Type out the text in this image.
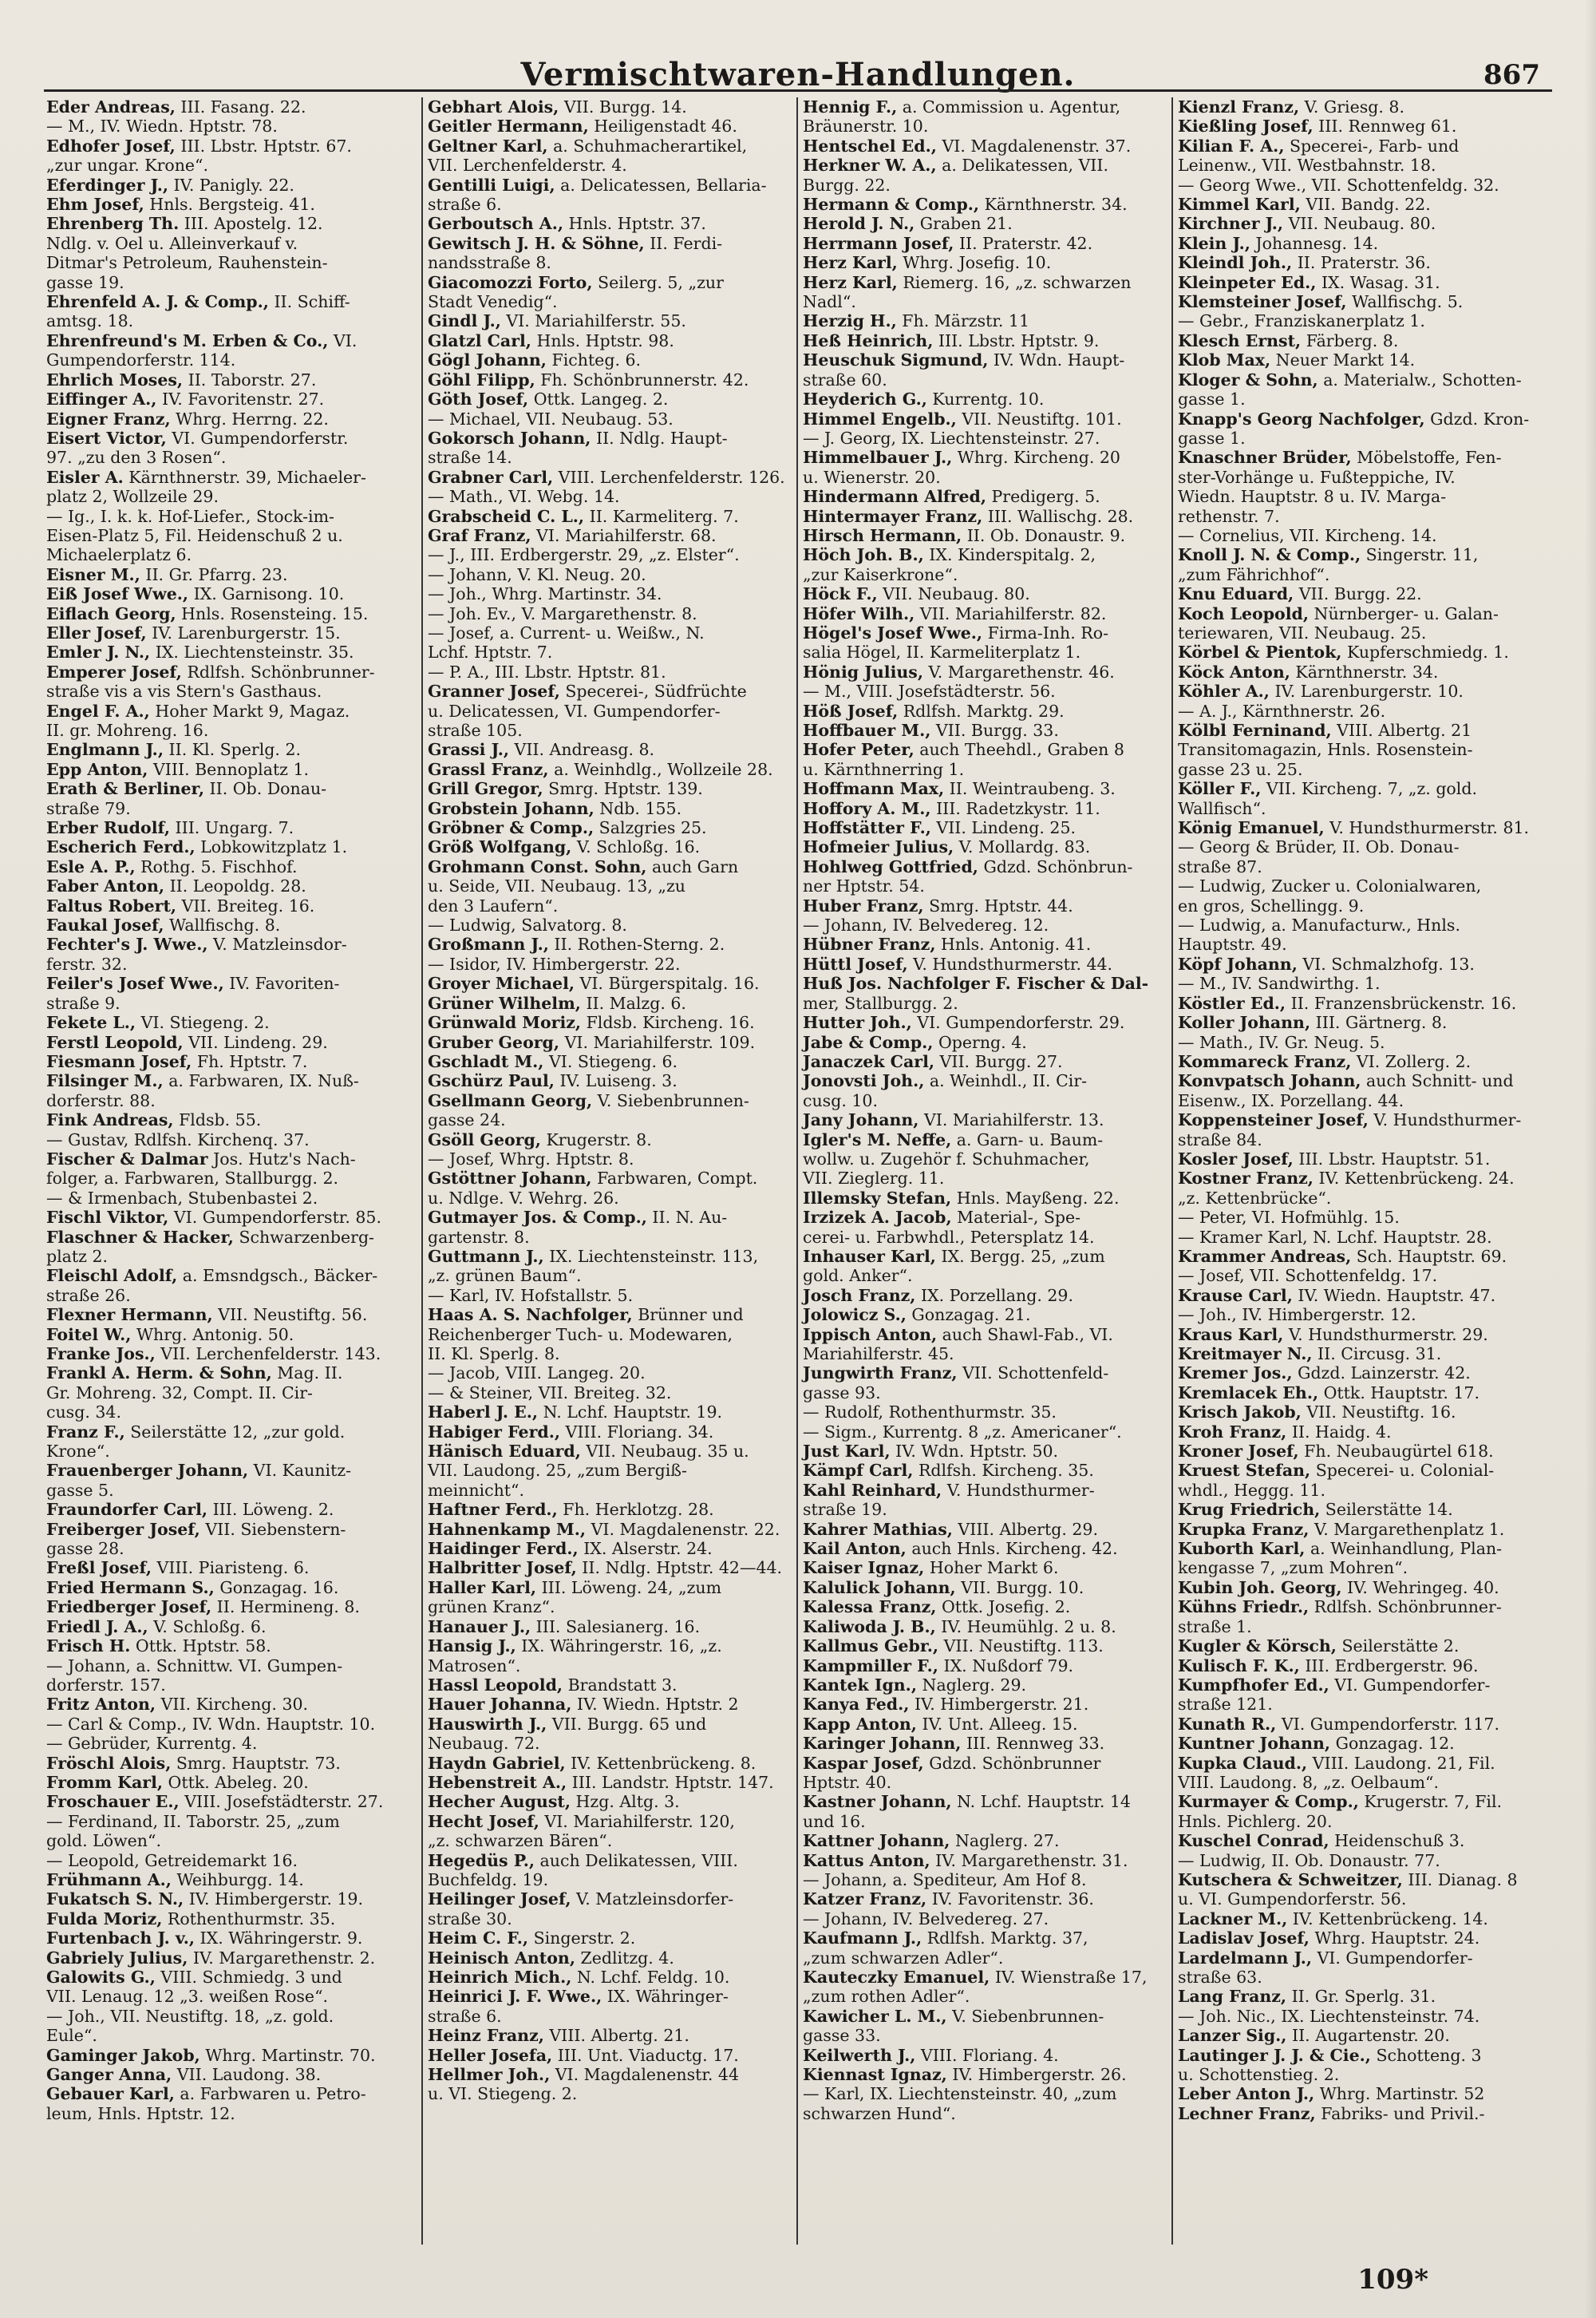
Vermischtwaren-Handlungen.	867
Eder Andreas, III. Fasang. 22.
— M., IV. Wiedn. Hptstr. 78.
Edhofer Josef, III. Lbstr. Hptstr. 67.
„zur ungar. Krone“.
Eferdinger J., IV. Panigly. 22.
Ehm Josef, Hnls. Bergsteig. 41.
Ehrenberg Th. III. Apostelg. 12.
Ndlg. v. Oel u. Alleinverkauf v.
Ditmar's Petroleum, Rauhenstein-
gasse 19.
Ehrenfeld A. J. & Comp., II. Schiff-
amtsg. 18.
Ehrenfreund's M. Erben & Co., VI.
Gumpendorferstr. 114.
Ehrlich Moses, II. Taborstr. 27.
Eiffinger A., IV. Favoritenstr. 27.
Eigner Franz, Whrg. Herrng. 22.
Eisert Victor, VI. Gumpendorferstr.
97. „zu den 3 Rosen“.
Eisler A. Kärnthnerstr. 39, Michaeler-
platz 2, Wollzeile 29.
— Ig., I. k. k. Hof-Liefer., Stock-im-
Eisen-Platz 5, Fil. Heidenschuß 2 u.
Michaelerplatz 6.
Eisner M., II. Gr. Pfarrg. 23.
Eiß Josef Wwe., IX. Garnisong. 10.
Eiflach Georg, Hnls. Rosensteing. 15.
Eller Josef, IV. Larenburgerstr. 15.
Emler J. N., IX. Liechtensteinstr. 35.
Emperer Josef, Rdlfsh. Schönbrunner-
straße vis a vis Stern's Gasthaus.
Engel F. A., Hoher Markt 9, Magaz.
II. gr. Mohreng. 16.
Englmann J., II. Kl. Sperlg. 2.
Epp Anton, VIII. Bennoplatz 1.
Erath & Berliner, II. Ob. Donau-
straße 79.
Erber Rudolf, III. Ungarg. 7.
Escherich Ferd., Lobkowitzplatz 1.
Esle A. P., Rothg. 5. Fischhof.
Faber Anton, II. Leopoldg. 28.
Faltus Robert, VII. Breiteg. 16.
Faukal Josef, Wallfischg. 8.
Fechter's J. Wwe., V. Matzleinsdor-
ferstr. 32.
Feiler's Josef Wwe., IV. Favoriten-
straße 9.
Fekete L., VI. Stiegeng. 2.
Ferstl Leopold, VII. Lindeng. 29.
Fiesmann Josef, Fh. Hptstr. 7.
Filsinger M., a. Farbwaren, IX. Nuß-
dorferstr. 88.
Fink Andreas, Fldsb. 55.
— Gustav, Rdlfsh. Kirchenq. 37.
Fischer & Dalmar Jos. Hutz's Nach-
folger, a. Farbwaren, Stallburgg. 2.
— & Irmenbach, Stubenbastei 2.
Fischl Viktor, VI. Gumpendorferstr. 85.
Flaschner & Hacker, Schwarzenberg-
platz 2.
Fleischl Adolf, a. Emsndgsch., Bäcker-
straße 26.
Flexner Hermann, VII. Neustiftg. 56.
Foitel W., Whrg. Antonig. 50.
Franke Jos., VII. Lerchenfelderstr. 143.
Frankl A. Herm. & Sohn, Mag. II.
Gr. Mohreng. 32, Compt. II. Cir-
cusg. 34.
Franz F., Seilerstätte 12, „zur gold.
Krone“.
Frauenberger Johann, VI. Kaunitz-
gasse 5.
Fraundorfer Carl, III. Löweng. 2.
Freiberger Josef, VII. Siebenstern-
gasse 28.
Freßl Josef, VIII. Piaristeng. 6.
Fried Hermann S., Gonzagag. 16.
Friedberger Josef, II. Hermineng. 8.
Friedl J. A., V. Schloßg. 6.
Frisch H. Ottk. Hptstr. 58.
— Johann, a. Schnittw. VI. Gumpen-
dorferstr. 157.
Fritz Anton, VII. Kircheng. 30.
— Carl & Comp., IV. Wdn. Hauptstr. 10.
— Gebrüder, Kurrentg. 4.
Fröschl Alois, Smrg. Hauptstr. 73.
Fromm Karl, Ottk. Abeleg. 20.
Froschauer E., VIII. Josefstädterstr. 27.
— Ferdinand, II. Taborstr. 25, „zum
gold. Löwen“.
— Leopold, Getreidemarkt 16.
Frühmann A., Weihburgg. 14.
Fukatsch S. N., IV. Himbergerstr. 19.
Fulda Moriz, Rothenthurmstr. 35.
Furtenbach J. v., IX. Währingerstr. 9.
Gabriely Julius, IV. Margarethenstr. 2.
Galowits G., VIII. Schmiedg. 3 und
VII. Lenaug. 12 „3. weißen Rose“.
— Joh., VII. Neustiftg. 18, „z. gold.
Eule“.
Gaminger Jakob, Whrg. Martinstr. 70.
Ganger Anna, VII. Laudong. 38.
Gebauer Karl, a. Farbwaren u. Petro-
leum, Hnls. Hptstr. 12.
Gebhart Alois, VII. Burgg. 14.
Geitler Hermann, Heiligenstadt 46.
Geltner Karl, a. Schuhmacherartikel,
VII. Lerchenfelderstr. 4.
Gentilli Luigi, a. Delicatessen, Bellaria-
straße 6.
Gerboutsch A., Hnls. Hptstr. 37.
Gewitsch J. H. & Söhne, II. Ferdi-
nandsstraße 8.
Giacomozzi Forto, Seilerg. 5, „zur
Stadt Venedig“.
Gindl J., VI. Mariahilferstr. 55.
Glatzl Carl, Hnls. Hptstr. 98.
Gögl Johann, Fichteg. 6.
Göhl Filipp, Fh. Schönbrunnerstr. 42.
Göth Josef, Ottk. Langeg. 2.
— Michael, VII. Neubaug. 53.
Gokorsch Johann, II. Ndlg. Haupt-
straße 14.
Grabner Carl, VIII. Lerchenfelderstr. 126.
— Math., VI. Webg. 14.
Grabscheid C. L., II. Karmeliterg. 7.
Graf Franz, VI. Mariahilferstr. 68.
— J., III. Erdbergerstr. 29, „z. Elster“.
— Johann, V. Kl. Neug. 20.
— Joh., Whrg. Martinstr. 34.
— Joh. Ev., V. Margarethenstr. 8.
— Josef, a. Current- u. Weißw., N.
Lchf. Hptstr. 7.
— P. A., III. Lbstr. Hptstr. 81.
Granner Josef, Specerei-, Südfrüchte
u. Delicatessen, VI. Gumpendorfer-
straße 105.
Grassi J., VII. Andreasg. 8.
Grassl Franz, a. Weinhdlg., Wollzeile 28.
Grill Gregor, Smrg. Hptstr. 139.
Grobstein Johann, Ndb. 155.
Gröbner & Comp., Salzgries 25.
Größ Wolfgang, V. Schloßg. 16.
Grohmann Const. Sohn, auch Garn
u. Seide, VII. Neubaug. 13, „zu
den 3 Laufern“.
— Ludwig, Salvatorg. 8.
Großmann J., II. Rothen-Sterng. 2.
— Isidor, IV. Himbergerstr. 22.
Groyer Michael, VI. Bürgerspitalg. 16.
Grüner Wilhelm, II. Malzg. 6.
Grünwald Moriz, Fldsb. Kircheng. 16.
Gruber Georg, VI. Mariahilferstr. 109.
Gschladt M., VI. Stiegeng. 6.
Gschürz Paul, IV. Luiseng. 3.
Gsellmann Georg, V. Siebenbrunnen-
gasse 24.
Gsöll Georg, Krugerstr. 8.
— Josef, Whrg. Hptstr. 8.
Gstöttner Johann, Farbwaren, Compt.
u. Ndlge. V. Wehrg. 26.
Gutmayer Jos. & Comp., II. N. Au-
gartenstr. 8.
Guttmann J., IX. Liechtensteinstr. 113,
„z. grünen Baum“.
— Karl, IV. Hofstallstr. 5.
Haas A. S. Nachfolger, Brünner und
Reichenberger Tuch- u. Modewaren,
II. Kl. Sperlg. 8.
— Jacob, VIII. Langeg. 20.
— & Steiner, VII. Breiteg. 32.
Haberl J. E., N. Lchf. Hauptstr. 19.
Habiger Ferd., VIII. Floriang. 34.
Hänisch Eduard, VII. Neubaug. 35 u.
VII. Laudong. 25, „zum Bergiß-
meinnicht“.
Haftner Ferd., Fh. Herklotzg. 28.
Hahnenkamp M., VI. Magdalenenstr. 22.
Haidinger Ferd., IX. Alserstr. 24.
Halbritter Josef, II. Ndlg. Hptstr. 42—44.
Haller Karl, III. Löweng. 24, „zum
grünen Kranz“.
Hanauer J., III. Salesianerg. 16.
Hansig J., IX. Währingerstr. 16, „z.
Matrosen“.
Hassl Leopold, Brandstatt 3.
Hauer Johanna, IV. Wiedn. Hptstr. 2
Hauswirth J., VII. Burgg. 65 und
Neubaug. 72.
Haydn Gabriel, IV. Kettenbrückeng. 8.
Hebenstreit A., III. Landstr. Hptstr. 147.
Hecher August, Hzg. Altg. 3.
Hecht Josef, VI. Mariahilferstr. 120,
„z. schwarzen Bären“.
Hegedüs P., auch Delikatessen, VIII.
Buchfeldg. 19.
Heilinger Josef, V. Matzleinsdorfer-
straße 30.
Heim C. F., Singerstr. 2.
Heinisch Anton, Zedlitzg. 4.
Heinrich Mich., N. Lchf. Feldg. 10.
Heinrici J. F. Wwe., IX. Währinger-
straße 6.
Heinz Franz, VIII. Albertg. 21.
Heller Josefa, III. Unt. Viaductg. 17.
Hellmer Joh., VI. Magdalenenstr. 44
u. VI. Stiegeng. 2.
Hennig F., a. Commission u. Agentur,
Bräunerstr. 10.
Hentschel Ed., VI. Magdalenenstr. 37.
Herkner W. A., a. Delikatessen, VII.
Burgg. 22.
Hermann & Comp., Kärnthnerstr. 34.
Herold J. N., Graben 21.
Herrmann Josef, II. Praterstr. 42.
Herz Karl, Whrg. Josefig. 10.
Herz Karl, Riemerg. 16, „z. schwarzen
Nadl“.
Herzig H., Fh. Märzstr. 11
Heß Heinrich, III. Lbstr. Hptstr. 9.
Heuschuk Sigmund, IV. Wdn. Haupt-
straße 60.
Heyderich G., Kurrentg. 10.
Himmel Engelb., VII. Neustiftg. 101.
— J. Georg, IX. Liechtensteinstr. 27.
Himmelbauer J., Whrg. Kircheng. 20
u. Wienerstr. 20.
Hindermann Alfred, Predigerg. 5.
Hintermayer Franz, III. Wallischg. 28.
Hirsch Hermann, II. Ob. Donaustr. 9.
Höch Joh. B., IX. Kinderspitalg. 2,
„zur Kaiserkrone“.
Höck F., VII. Neubaug. 80.
Höfer Wilh., VII. Mariahilferstr. 82.
Högel's Josef Wwe., Firma-Inh. Ro-
salia Högel, II. Karmeliterplatz 1.
Hönig Julius, V. Margarethenstr. 46.
— M., VIII. Josefstädterstr. 56.
Höß Josef, Rdlfsh. Marktg. 29.
Hoffbauer M., VII. Burgg. 33.
Hofer Peter, auch Theehdl., Graben 8
u. Kärnthnerring 1.
Hoffmann Max, II. Weintraubeng. 3.
Hoffory A. M., III. Radetzkystr. 11.
Hoffstätter F., VII. Lindeng. 25.
Hofmeier Julius, V. Mollardg. 83.
Hohlweg Gottfried, Gdzd. Schönbrun-
ner Hptstr. 54.
Huber Franz, Smrg. Hptstr. 44.
— Johann, IV. Belvedereg. 12.
Hübner Franz, Hnls. Antonig. 41.
Hüttl Josef, V. Hundsthurmerstr. 44.
Huß Jos. Nachfolger F. Fischer & Dal-
mer, Stallburgg. 2.
Hutter Joh., VI. Gumpendorferstr. 29.
Jabe & Comp., Operng. 4.
Janaczek Carl, VII. Burgg. 27.
Jonovsti Joh., a. Weinhdl., II. Cir-
cusg. 10.
Jany Johann, VI. Mariahilferstr. 13.
Igler's M. Neffe, a. Garn- u. Baum-
wollw. u. Zugehör f. Schuhmacher,
VII. Zieglerg. 11.
Illemsky Stefan, Hnls. Mayßeng. 22.
Irzizek A. Jacob, Material-, Spe-
cerei- u. Farbwhdl., Petersplatz 14.
Inhauser Karl, IX. Bergg. 25, „zum
gold. Anker“.
Josch Franz, IX. Porzellang. 29.
Jolowicz S., Gonzagag. 21.
Ippisch Anton, auch Shawl-Fab., VI.
Mariahilferstr. 45.
Jungwirth Franz, VII. Schottenfeld-
gasse 93.
— Rudolf, Rothenthurmstr. 35.
— Sigm., Kurrentg. 8 „z. Americaner“.
Just Karl, IV. Wdn. Hptstr. 50.
Kämpf Carl, Rdlfsh. Kircheng. 35.
Kahl Reinhard, V. Hundsthurmer-
straße 19.
Kahrer Mathias, VIII. Albertg. 29.
Kail Anton, auch Hnls. Kircheng. 42.
Kaiser Ignaz, Hoher Markt 6.
Kalulick Johann, VII. Burgg. 10.
Kalessa Franz, Ottk. Josefig. 2.
Kaliwoda J. B., IV. Heumühlg. 2 u. 8.
Kallmus Gebr., VII. Neustiftg. 113.
Kampmiller F., IX. Nußdorf 79.
Kantek Ign., Naglerg. 29.
Kanya Fed., IV. Himbergerstr. 21.
Kapp Anton, IV. Unt. Alleeg. 15.
Karinger Johann, III. Rennweg 33.
Kaspar Josef, Gdzd. Schönbrunner
Hptstr. 40.
Kastner Johann, N. Lchf. Hauptstr. 14
und 16.
Kattner Johann, Naglerg. 27.
Kattus Anton, IV. Margarethenstr. 31.
— Johann, a. Spediteur, Am Hof 8.
Katzer Franz, IV. Favoritenstr. 36.
— Johann, IV. Belvedereg. 27.
Kaufmann J., Rdlfsh. Marktg. 37,
„zum schwarzen Adler“.
Kauteczky Emanuel, IV. Wienstraße 17,
„zum rothen Adler“.
Kawicher L. M., V. Siebenbrunnen-
gasse 33.
Keilwerth J., VIII. Floriang. 4.
Kiennast Ignaz, IV. Himbergerstr. 26.
— Karl, IX. Liechtensteinstr. 40, „zum
schwarzen Hund“.
Kienzl Franz, V. Griesg. 8.
Kießling Josef, III. Rennweg 61.
Kilian F. A., Specerei-, Farb- und
Leinenw., VII. Westbahnstr. 18.
— Georg Wwe., VII. Schottenfeldg. 32.
Kimmel Karl, VII. Bandg. 22.
Kirchner J., VII. Neubaug. 80.
Klein J., Johannesg. 14.
Kleindl Joh., II. Praterstr. 36.
Kleinpeter Ed., IX. Wasag. 31.
Klemsteiner Josef, Wallfischg. 5.
— Gebr., Franziskanerplatz 1.
Klesch Ernst, Färberg. 8.
Klob Max, Neuer Markt 14.
Kloger & Sohn, a. Materialw., Schotten-
gasse 1.
Knapp's Georg Nachfolger, Gdzd. Kron-
gasse 1.
Knaschner Brüder, Möbelstoffe, Fen-
ster-Vorhänge u. Fußteppiche, IV.
Wiedn. Hauptstr. 8 u. IV. Marga-
rethenstr. 7.
— Cornelius, VII. Kircheng. 14.
Knoll J. N. & Comp., Singerstr. 11,
„zum Fährichhof“.
Knu Eduard, VII. Burgg. 22.
Koch Leopold, Nürnberger- u. Galan-
teriewaren, VII. Neubaug. 25.
Körbel & Pientok, Kupferschmiedg. 1.
Köck Anton, Kärnthnerstr. 34.
Köhler A., IV. Larenburgerstr. 10.
— A. J., Kärnthnerstr. 26.
Kölbl Ferninand, VIII. Albertg. 21
Transitomagazin, Hnls. Rosenstein-
gasse 23 u. 25.
Köller F., VII. Kircheng. 7, „z. gold.
Wallfisch“.
König Emanuel, V. Hundsthurmerstr. 81.
— Georg & Brüder, II. Ob. Donau-
straße 87.
— Ludwig, Zucker u. Colonialwaren,
en gros, Schellingg. 9.
— Ludwig, a. Manufacturw., Hnls.
Hauptstr. 49.
Köpf Johann, VI. Schmalzhofg. 13.
— M., IV. Sandwirthg. 1.
Köstler Ed., II. Franzensbrückenstr. 16.
Koller Johann, III. Gärtnerg. 8.
— Math., IV. Gr. Neug. 5.
Kommareck Franz, VI. Zollerg. 2.
Konvpatsch Johann, auch Schnitt- und
Eisenw., IX. Porzellang. 44.
Koppensteiner Josef, V. Hundsthurmer-
straße 84.
Kosler Josef, III. Lbstr. Hauptstr. 51.
Kostner Franz, IV. Kettenbrückeng. 24.
„z. Kettenbrücke“.
— Peter, VI. Hofmühlg. 15.
— Kramer Karl, N. Lchf. Hauptstr. 28.
Krammer Andreas, Sch. Hauptstr. 69.
— Josef, VII. Schottenfeldg. 17.
Krause Carl, IV. Wiedn. Hauptstr. 47.
— Joh., IV. Himbergerstr. 12.
Kraus Karl, V. Hundsthurmerstr. 29.
Kreitmayer N., II. Circusg. 31.
Kremer Jos., Gdzd. Lainzerstr. 42.
Kremlacek Eh., Ottk. Hauptstr. 17.
Krisch Jakob, VII. Neustiftg. 16.
Kroh Franz, II. Haidg. 4.
Kroner Josef, Fh. Neubaugürtel 618.
Kruest Stefan, Specerei- u. Colonial-
whdl., Heggg. 11.
Krug Friedrich, Seilerstätte 14.
Krupka Franz, V. Margarethenplatz 1.
Kuborth Karl, a. Weinhandlung, Plan-
kengasse 7, „zum Mohren“.
Kubin Joh. Georg, IV. Wehringeg. 40.
Kühns Friedr., Rdlfsh. Schönbrunner-
straße 1.
Kugler & Körsch, Seilerstätte 2.
Kulisch F. K., III. Erdbergerstr. 96.
Kumpfhofer Ed., VI. Gumpendorfer-
straße 121.
Kunath R., VI. Gumpendorferstr. 117.
Kuntner Johann, Gonzagag. 12.
Kupka Claud., VIII. Laudong. 21, Fil.
VIII. Laudong. 8, „z. Oelbaum“.
Kurmayer & Comp., Krugerstr. 7, Fil.
Hnls. Pichlerg. 20.
Kuschel Conrad, Heidenschuß 3.
— Ludwig, II. Ob. Donaustr. 77.
Kutschera & Schweitzer, III. Dianag. 8
u. VI. Gumpendorferstr. 56.
Lackner M., IV. Kettenbrückeng. 14.
Ladislav Josef, Whrg. Hauptstr. 24.
Lardelmann J., VI. Gumpendorfer-
straße 63.
Lang Franz, II. Gr. Sperlg. 31.
— Joh. Nic., IX. Liechtensteinstr. 74.
Lanzer Sig., II. Augartenstr. 20.
Lautinger J. J. & Cie., Schotteng. 3
u. Schottenstieg. 2.
Leber Anton J., Whrg. Martinstr. 52
Lechner Franz, Fabriks- und Privil.-
109*
